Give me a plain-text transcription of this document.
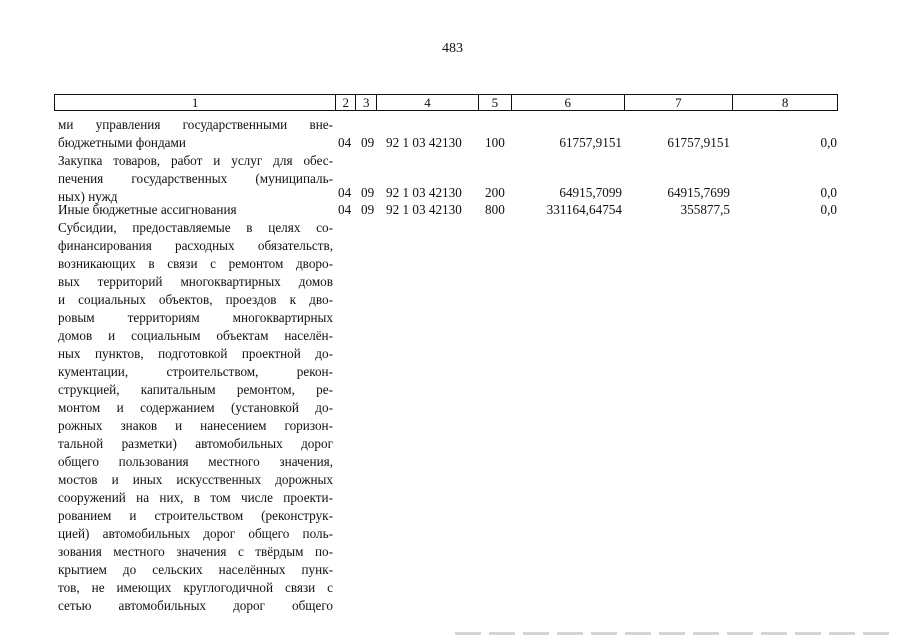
483
1	2	3	4	5	6	7	8
ми управления государственными вне-
бюджетными фондами	04 09 92 1 03 42130 100	61757,9151	61757,9151	0,0
Закупка товаров, работ и услуг для обес-
печения государственных (муниципаль-
ных) нужд	04 09 92 1 03 42130 200	64915,7099	64915,7699	0,0
Иные бюджетные ассигнования	04 09 92 1 03 42130 800	331164,64754	355877,5	0,0
Субсидии, предоставляемые в целях со-
финансирования расходных обязательств,
возникающих в связи с ремонтом дворо-
вых территорий многоквартирных домов
и социальных объектов, проездов к дво-
ровым территориям многоквартирных
домов и социальным объектам населён-
ных пунктов, подготовкой проектной до-
кументации, строительством, рекон-
струкцией, капитальным ремонтом, ре-
монтом и содержанием (установкой до-
рожных знаков и нанесением горизон-
тальной разметки) автомобильных дорог
общего пользования местного значения,
мостов и иных искусственных дорожных
сооружений на них, в том числе проекти-
рованием и строительством (реконструк-
цией) автомобильных дорог общего поль-
зования местного значения с твёрдым по-
крытием до сельских населённых пунк-
тов, не имеющих круглогодичной связи с
сетью автомобильных дорог общего
